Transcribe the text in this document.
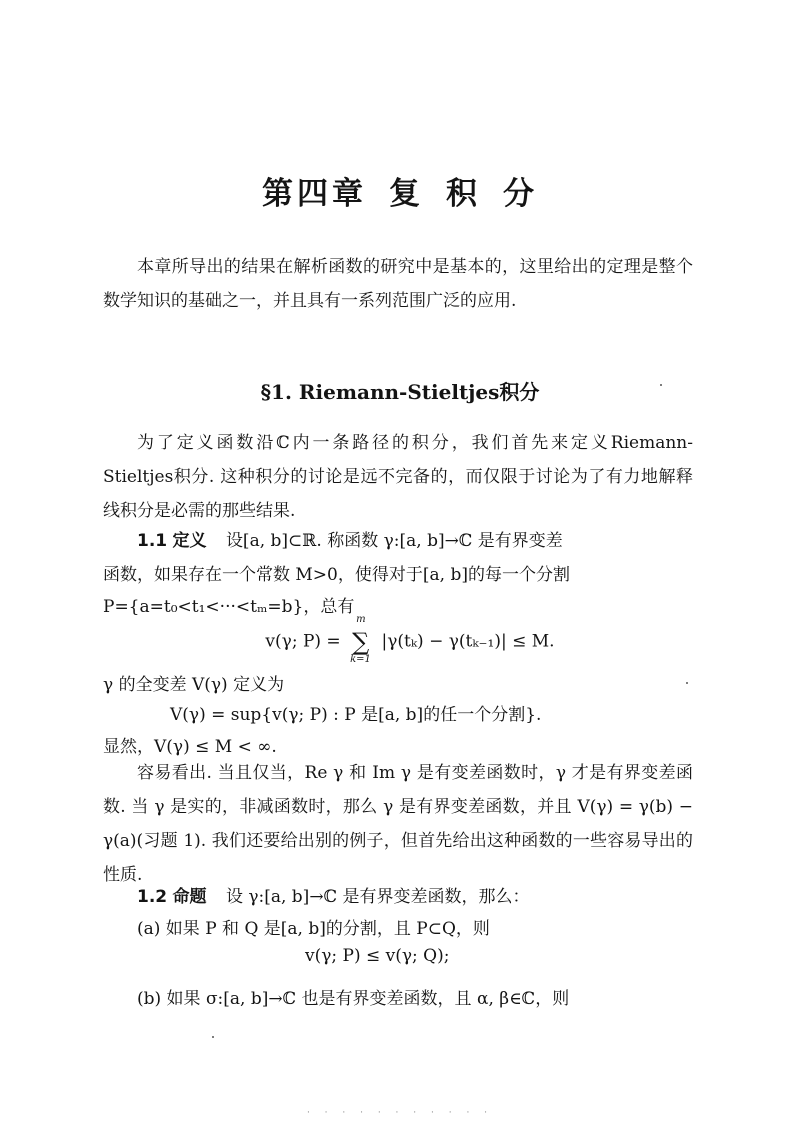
第四章 复 积 分
本章所导出的结果在解析函数的研究中是基本的，这里给出的定理是整个数学知识的基础之一，并且具有一系列范围广泛的应用.
§1. Riemann-Stieltjes积分
为了定义函数沿ℂ内一条路径的积分，我们首先来定义Riemann-Stieltjes积分. 这种积分的讨论是远不完备的，而仅限于讨论为了有力地解释线积分是必需的那些结果.
1.1 定义 设[a, b]⊂ℝ. 称函数 γ:[a, b]→ℂ 是有界变差
函数，如果存在一个常数 M>0，使得对于[a, b]的每一个分割
P={a=t₀<t₁<···<tₘ=b}，总有
v(γ; P) =
m
∑
k=1
|γ(tₖ) − γ(tₖ₋₁)| ≤ M.
γ 的全变差 V(γ) 定义为
V(γ) = sup{v(γ; P) : P 是[a, b]的任一个分割}.
显然，V(γ) ≤ M < ∞.
容易看出. 当且仅当，Re γ 和 Im γ 是有变差函数时，γ 才是有界变差函数. 当 γ 是实的，非减函数时，那么 γ 是有界变差函数，并且 V(γ) = γ(b) − γ(a)(习题 1). 我们还要给出别的例子，但首先给出这种函数的一些容易导出的性质.
1.2 命题 设 γ:[a, b]→ℂ 是有界变差函数，那么：
(a) 如果 P 和 Q 是[a, b]的分割，且 P⊂Q，则
v(γ; P) ≤ v(γ; Q);
(b) 如果 σ:[a, b]→ℂ 也是有界变差函数，且 α, β∈ℂ，则
· · · · · · · · · · ·
